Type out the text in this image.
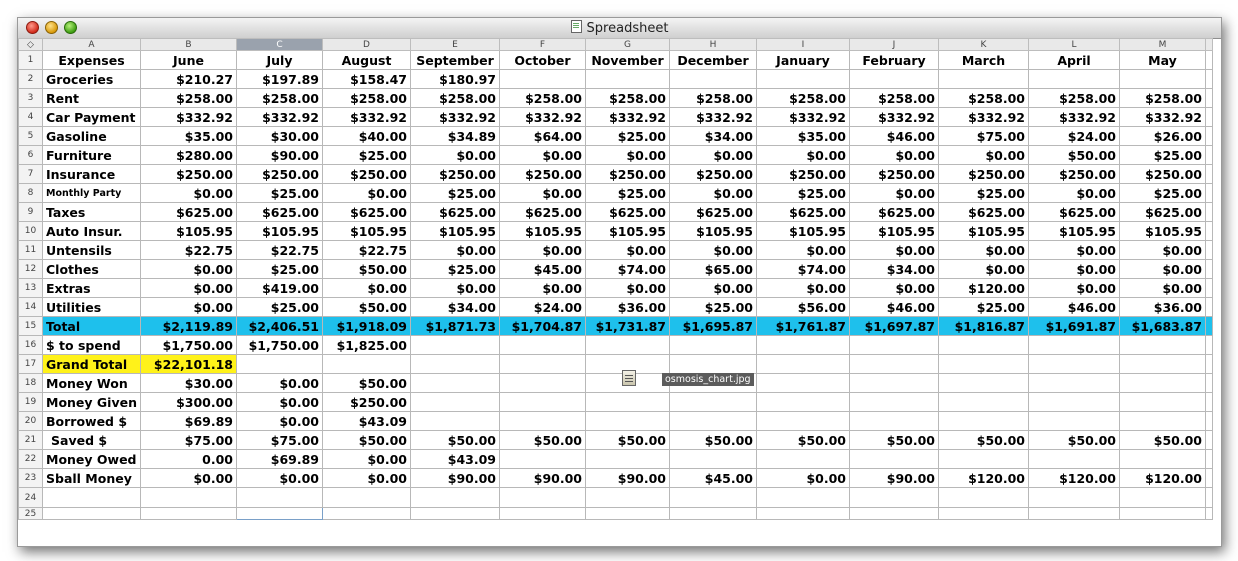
Spreadsheet
◇	A	B	C	D	E	F	G	H	I	J	K	L	M	
1	Expenses	June	July	August	September	October	November	December	January	February	March	April	May	
2	Groceries	$210.27	$197.89	$158.47	$180.97									
3	Rent	$258.00	$258.00	$258.00	$258.00	$258.00	$258.00	$258.00	$258.00	$258.00	$258.00	$258.00	$258.00	
4	Car Payment	$332.92	$332.92	$332.92	$332.92	$332.92	$332.92	$332.92	$332.92	$332.92	$332.92	$332.92	$332.92	
5	Gasoline	$35.00	$30.00	$40.00	$34.89	$64.00	$25.00	$34.00	$35.00	$46.00	$75.00	$24.00	$26.00	
6	Furniture	$280.00	$90.00	$25.00	$0.00	$0.00	$0.00	$0.00	$0.00	$0.00	$0.00	$50.00	$25.00	
7	Insurance	$250.00	$250.00	$250.00	$250.00	$250.00	$250.00	$250.00	$250.00	$250.00	$250.00	$250.00	$250.00	
8	Monthly Party	$0.00	$25.00	$0.00	$25.00	$0.00	$25.00	$0.00	$25.00	$0.00	$25.00	$0.00	$25.00	
9	Taxes	$625.00	$625.00	$625.00	$625.00	$625.00	$625.00	$625.00	$625.00	$625.00	$625.00	$625.00	$625.00	
10	Auto Insur.	$105.95	$105.95	$105.95	$105.95	$105.95	$105.95	$105.95	$105.95	$105.95	$105.95	$105.95	$105.95	
11	Untensils	$22.75	$22.75	$22.75	$0.00	$0.00	$0.00	$0.00	$0.00	$0.00	$0.00	$0.00	$0.00	
12	Clothes	$0.00	$25.00	$50.00	$25.00	$45.00	$74.00	$65.00	$74.00	$34.00	$0.00	$0.00	$0.00	
13	Extras	$0.00	$419.00	$0.00	$0.00	$0.00	$0.00	$0.00	$0.00	$0.00	$120.00	$0.00	$0.00	
14	Utilities	$0.00	$25.00	$50.00	$34.00	$24.00	$36.00	$25.00	$56.00	$46.00	$25.00	$46.00	$36.00	
15	Total	$2,119.89	$2,406.51	$1,918.09	$1,871.73	$1,704.87	$1,731.87	$1,695.87	$1,761.87	$1,697.87	$1,816.87	$1,691.87	$1,683.87	
16	$ to spend	$1,750.00	$1,750.00	$1,825.00										
17	Grand Total	$22,101.18												
18	Money Won	$30.00	$0.00	$50.00										
19	Money Given	$300.00	$0.00	$250.00										
20	Borrowed $	$69.89	$0.00	$43.09										
21	Saved $	$75.00	$75.00	$50.00	$50.00	$50.00	$50.00	$50.00	$50.00	$50.00	$50.00	$50.00	$50.00	
22	Money Owed	0.00	$69.89	$0.00	$43.09									
23	Sball Money	$0.00	$0.00	$0.00	$90.00	$90.00	$90.00	$45.00	$0.00	$90.00	$120.00	$120.00	$120.00	
24														
25														
osmosis_chart.jpg
